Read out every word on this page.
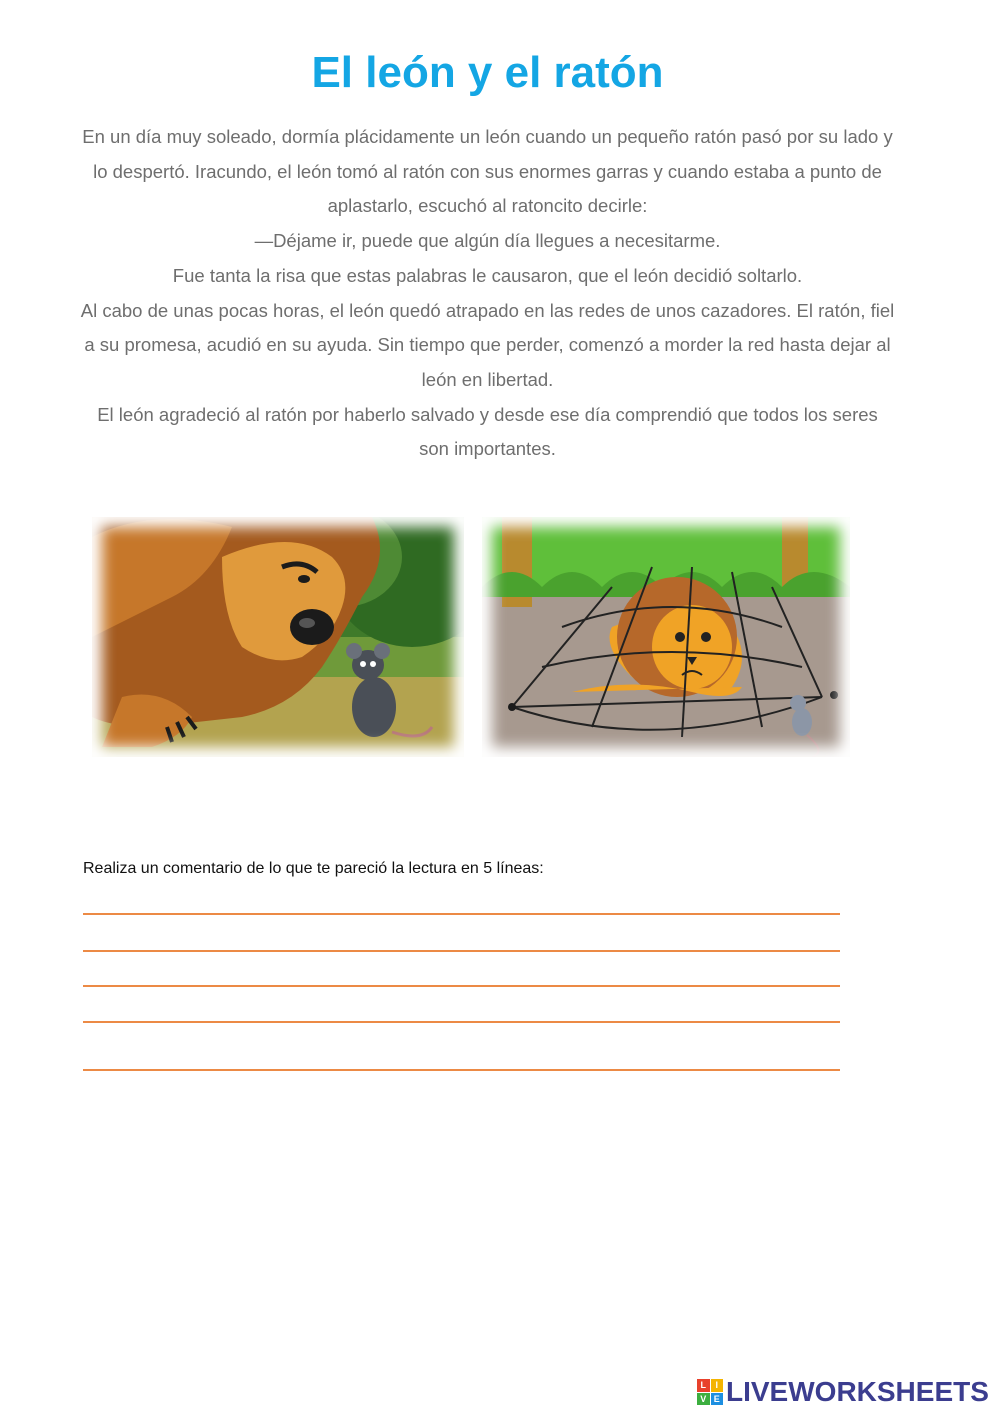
El león y el ratón

En un día muy soleado, dormía plácidamente un león cuando un pequeño ratón pasó por su lado y lo despertó. Iracundo, el león tomó al ratón con sus enormes garras y cuando estaba a punto de aplastarlo, escuchó al ratoncito decirle:

—Déjame ir, puede que algún día llegues a necesitarme.

Fue tanta la risa que estas palabras le causaron, que el león decidió soltarlo.

Al cabo de unas pocas horas, el león quedó atrapado en las redes de unos cazadores. El ratón, fiel a su promesa, acudió en su ayuda. Sin tiempo que perder, comenzó a morder la red hasta dejar al león en libertad.

El león agradeció al ratón por haberlo salvado y desde ese día comprendió que todos los seres son importantes.

Realiza un comentario de lo que te pareció la lectura en 5 líneas:
L	I
V E LIVEWORKSHEETS
